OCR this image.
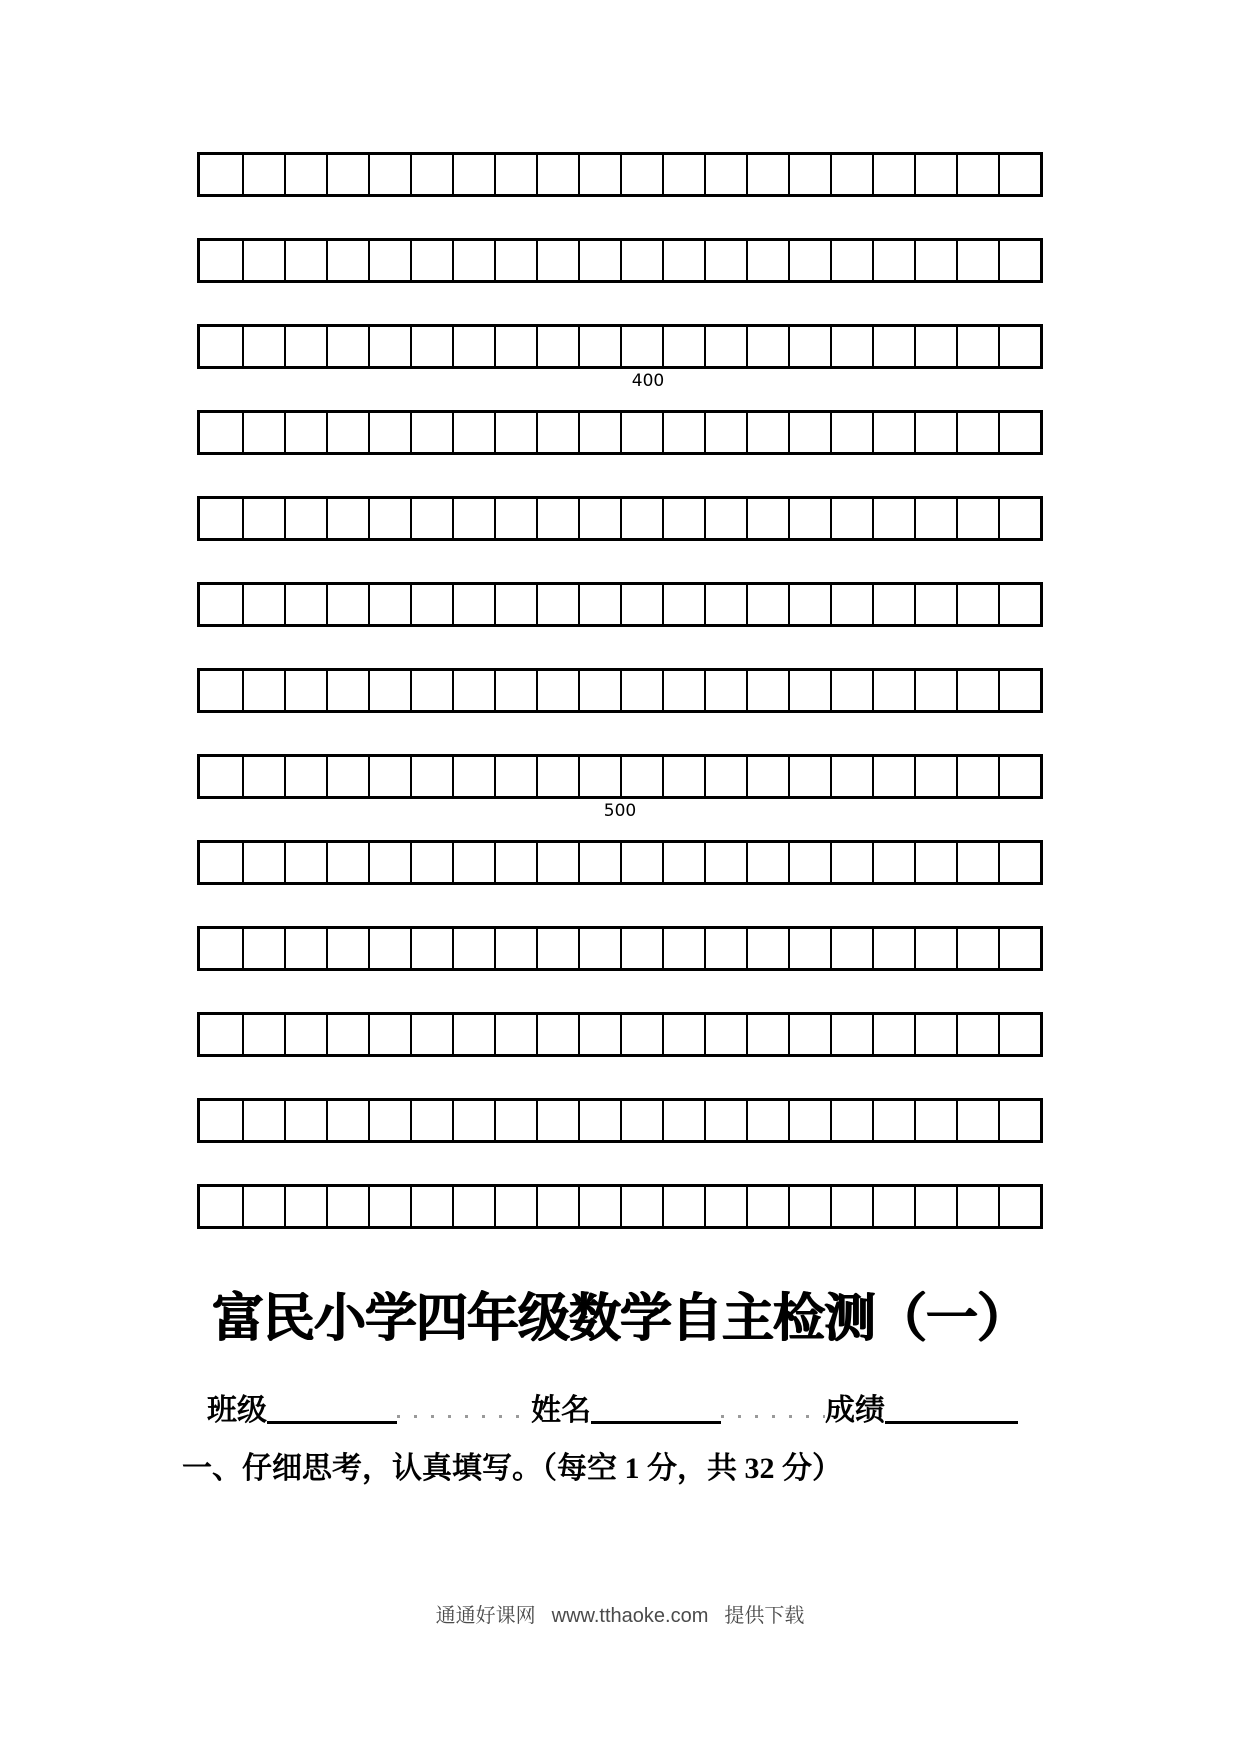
400
500
富民小学四年级数学自主检测（一）
班级	姓名	成绩
一、仔细思考，认真填写。（每空 1 分，共 32 分）
通通好课网 www.tthaoke.com 提供下载
